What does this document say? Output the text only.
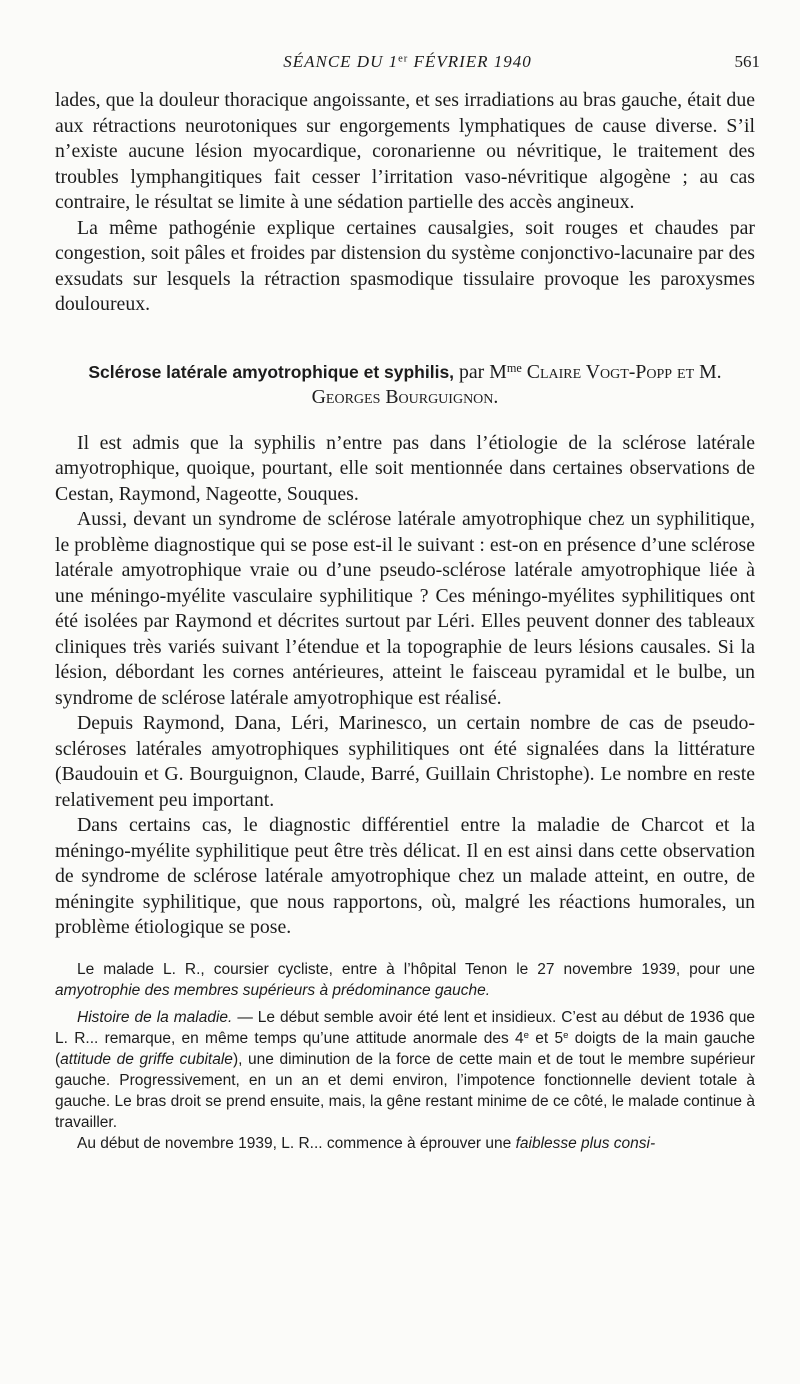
SÉANCE DU 1er FÉVRIER 1940	561

lades, que la douleur thoracique angoissante, et ses irradiations au bras gauche, était due aux rétractions neurotoniques sur engorgements lymphatiques de cause diverse. S’il n’existe aucune lésion myocardique, coronarienne ou névritique, le traitement des troubles lymphangitiques fait cesser l’irritation vaso-névritique algogène ; au cas contraire, le résultat se limite à une sédation partielle des accès angineux.

La même pathogénie explique certaines causalgies, soit rouges et chaudes par congestion, soit pâles et froides par distension du système conjonctivo-lacunaire par des exsudats sur lesquels la rétraction spasmodique tissulaire provoque les paroxysmes douloureux.

Sclérose latérale amyotrophique et syphilis, par $M^{me}$ Claire Vogt-Popp et M. Georges Bourguignon.

Il est admis que la syphilis n’entre pas dans l’étiologie de la sclérose latérale amyotrophique, quoique, pourtant, elle soit mentionnée dans certaines observations de Cestan, Raymond, Nageotte, Souques.

Aussi, devant un syndrome de sclérose latérale amyotrophique chez un syphilitique, le problème diagnostique qui se pose est-il le suivant : est-on en présence d’une sclérose latérale amyotrophique vraie ou d’une pseudo-sclérose latérale amyotrophique liée à une méningo-myélite vasculaire syphilitique ? Ces méningo-myélites syphilitiques ont été isolées par Raymond et décrites surtout par Léri. Elles peuvent donner des tableaux cliniques très variés suivant l’étendue et la topographie de leurs lésions causales. Si la lésion, débordant les cornes antérieures, atteint le faisceau pyramidal et le bulbe, un syndrome de sclérose latérale amyotrophique est réalisé.

Depuis Raymond, Dana, Léri, Marinesco, un certain nombre de cas de pseudo-scléroses latérales amyotrophiques syphilitiques ont été signalées dans la littérature (Baudouin et G. Bourguignon, Claude, Barré, Guillain Christophe). Le nombre en reste relativement peu important.

Dans certains cas, le diagnostic différentiel entre la maladie de Charcot et la méningo-myélite syphilitique peut être très délicat. Il en est ainsi dans cette observation de syndrome de sclérose latérale amyotrophique chez un malade atteint, en outre, de méningite syphilitique, que nous rapportons, où, malgré les réactions humorales, un problème étiologique se pose.

Le malade L. R., coursier cycliste, entre à l’hôpital Tenon le 27 novembre 1939, pour une amyotrophie des membres supérieurs à prédominance gauche.

Histoire de la maladie. — Le début semble avoir été lent et insidieux. C’est au début de 1936 que L. R... remarque, en même temps qu’une attitude anormale des 4e et 5e doigts de la main gauche (attitude de griffe cubitale), une diminution de la force de cette main et de tout le membre supérieur gauche. Progressivement, en un an et demi environ, l’impotence fonctionnelle devient totale à gauche. Le bras droit se prend ensuite, mais, la gêne restant minime de ce côté, le malade continue à travailler.

Au début de novembre 1939, L. R... commence à éprouver une faiblesse plus consi-
